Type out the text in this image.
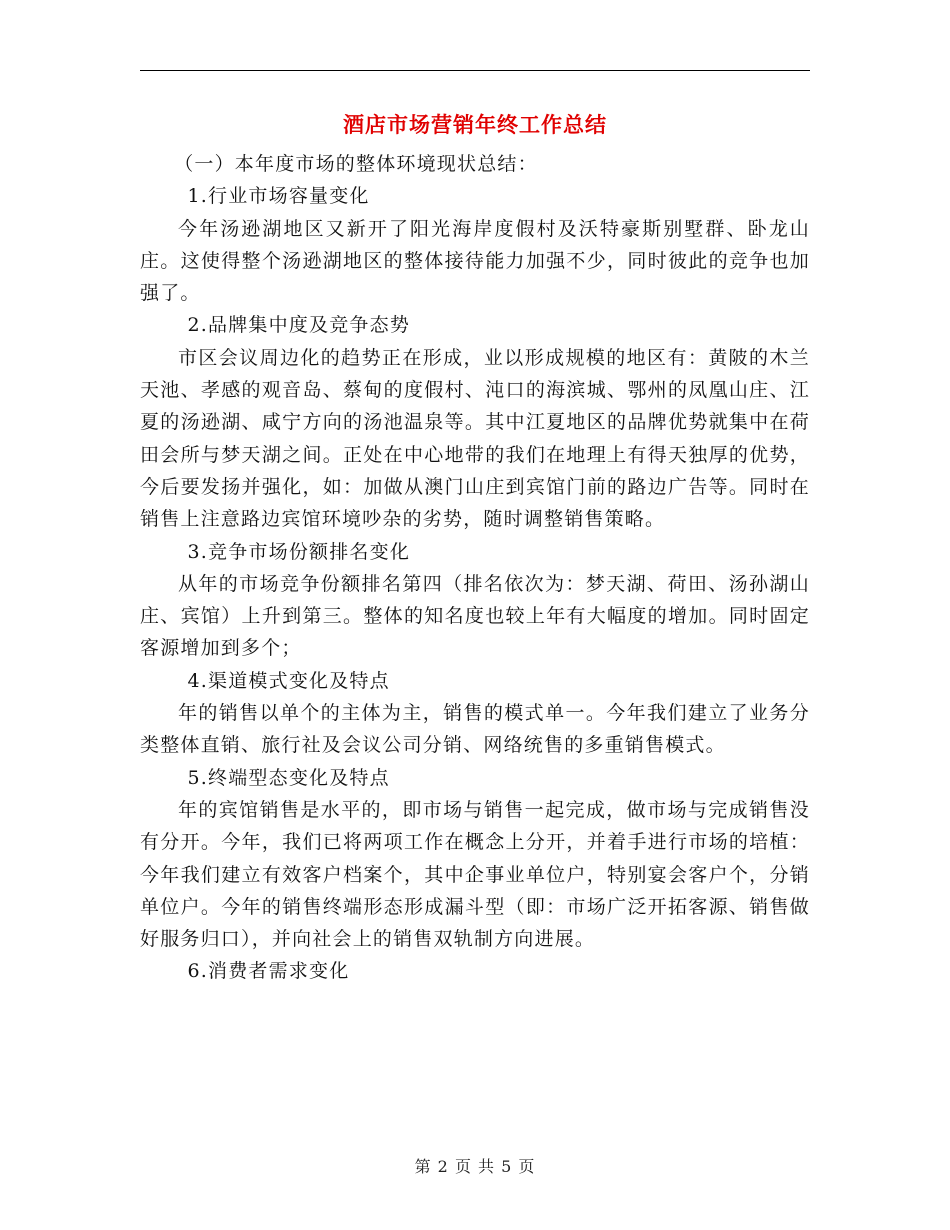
酒店市场营销年终工作总结

（一）本年度市场的整体环境现状总结：

1.行业市场容量变化

今年汤逊湖地区又新开了阳光海岸度假村及沃特豪斯别墅群、卧龙山庄。这使得整个汤逊湖地区的整体接待能力加强不少，同时彼此的竞争也加强了。

2.品牌集中度及竞争态势

市区会议周边化的趋势正在形成，业以形成规模的地区有：黄陂的木兰天池、孝感的观音岛、蔡甸的度假村、沌口的海滨城、鄂州的凤凰山庄、江夏的汤逊湖、咸宁方向的汤池温泉等。其中江夏地区的品牌优势就集中在荷田会所与梦天湖之间。正处在中心地带的我们在地理上有得天独厚的优势，今后要发扬并强化，如：加做从澳门山庄到宾馆门前的路边广告等。同时在销售上注意路边宾馆环境吵杂的劣势，随时调整销售策略。

3.竞争市场份额排名变化

从年的市场竞争份额排名第四（排名依次为：梦天湖、荷田、汤孙湖山庄、宾馆）上升到第三。整体的知名度也较上年有大幅度的增加。同时固定客源增加到多个；

4.渠道模式变化及特点

年的销售以单个的主体为主，销售的模式单一。今年我们建立了业务分类整体直销、旅行社及会议公司分销、网络统售的多重销售模式。

5.终端型态变化及特点

年的宾馆销售是水平的，即市场与销售一起完成，做市场与完成销售没有分开。今年，我们已将两项工作在概念上分开，并着手进行市场的培植：今年我们建立有效客户档案个，其中企事业单位户，特别宴会客户个，分销单位户。今年的销售终端形态形成漏斗型（即：市场广泛开拓客源、销售做好服务归口），并向社会上的销售双轨制方向进展。

6.消费者需求变化

第 2 页 共 5 页
